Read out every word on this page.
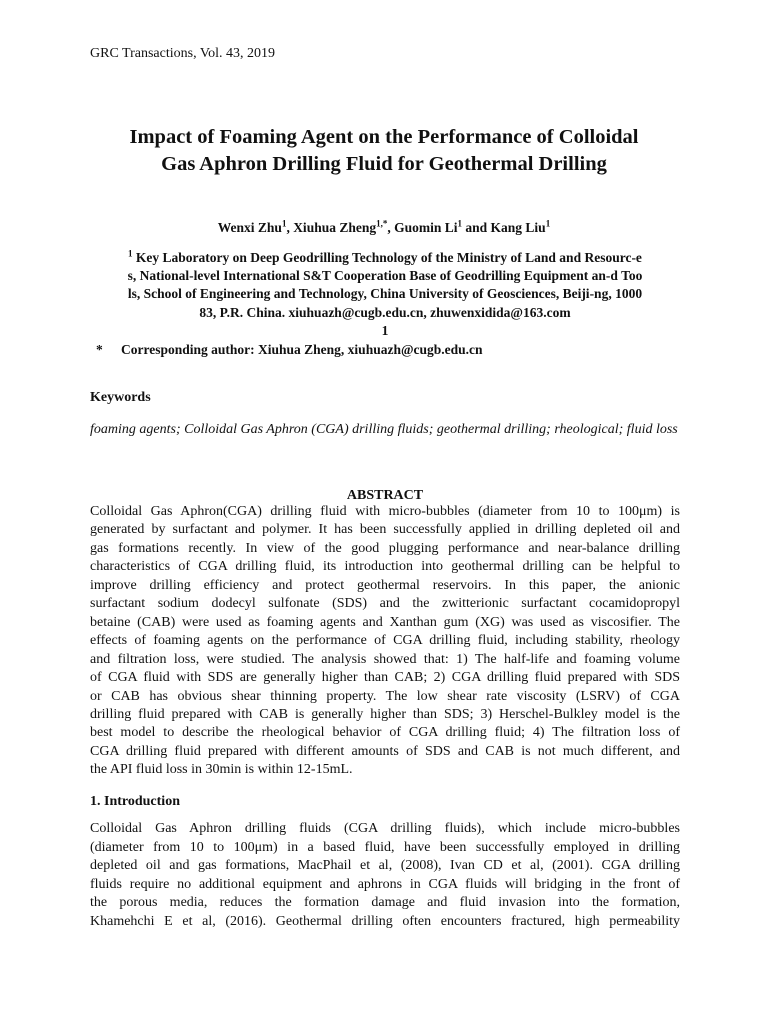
GRC Transactions, Vol. 43, 2019
Impact of Foaming Agent on the Performance of Colloidal
Gas Aphron Drilling Fluid for Geothermal Drilling
Wenxi Zhu$^1$, Xiuhua Zheng$^{1,*}$, Guomin Li$^1$ and Kang Liu$^1$
$^1$ Key Laboratory on Deep Geodrilling Technology of the Ministry of Land and Resourc-e
s, National-level International S&T Cooperation Base of Geodrilling Equipment an-d Too
ls, School of Engineering and Technology, China University of Geosciences, Beiji-ng, 1000
83, P.R. China. xiuhuazh@cugb.edu.cn, zhuwenxidida@163.com
1
* Corresponding author: Xiuhua Zheng, xiuhuazh@cugb.edu.cn
Keywords
foaming agents; Colloidal Gas Aphron (CGA) drilling fluids; geothermal drilling; rheological; fluid loss
ABSTRACT
Colloidal Gas Aphron(CGA) drilling fluid with micro-bubbles (diameter from 10 to 100μm) is
generated by surfactant and polymer. It has been successfully applied in drilling depleted oil and
gas formations recently. In view of the good plugging performance and near-balance drilling
characteristics of CGA drilling fluid, its introduction into geothermal drilling can be helpful to
improve drilling efficiency and protect geothermal reservoirs. In this paper, the anionic
surfactant sodium dodecyl sulfonate (SDS) and the zwitterionic surfactant cocamidopropyl
betaine (CAB) were used as foaming agents and Xanthan gum (XG) was used as viscosifier. The
effects of foaming agents on the performance of CGA drilling fluid, including stability, rheology
and filtration loss, were studied. The analysis showed that: 1) The half-life and foaming volume
of CGA fluid with SDS are generally higher than CAB; 2) CGA drilling fluid prepared with SDS
or CAB has obvious shear thinning property. The low shear rate viscosity (LSRV) of CGA
drilling fluid prepared with CAB is generally higher than SDS; 3) Herschel-Bulkley model is the
best model to describe the rheological behavior of CGA drilling fluid; 4) The filtration loss of
CGA drilling fluid prepared with different amounts of SDS and CAB is not much different, and
the API fluid loss in 30min is within 12-15mL.
1. Introduction
Colloidal Gas Aphron drilling fluids (CGA drilling fluids), which include micro-bubbles
(diameter from 10 to 100μm) in a based fluid, have been successfully employed in drilling
depleted oil and gas formations, MacPhail et al, (2008), Ivan CD et al, (2001). CGA drilling
fluids require no additional equipment and aphrons in CGA fluids will bridging in the front of
the porous media, reduces the formation damage and fluid invasion into the formation,
Khamehchi E et al, (2016). Geothermal drilling often encounters fractured, high permeability
